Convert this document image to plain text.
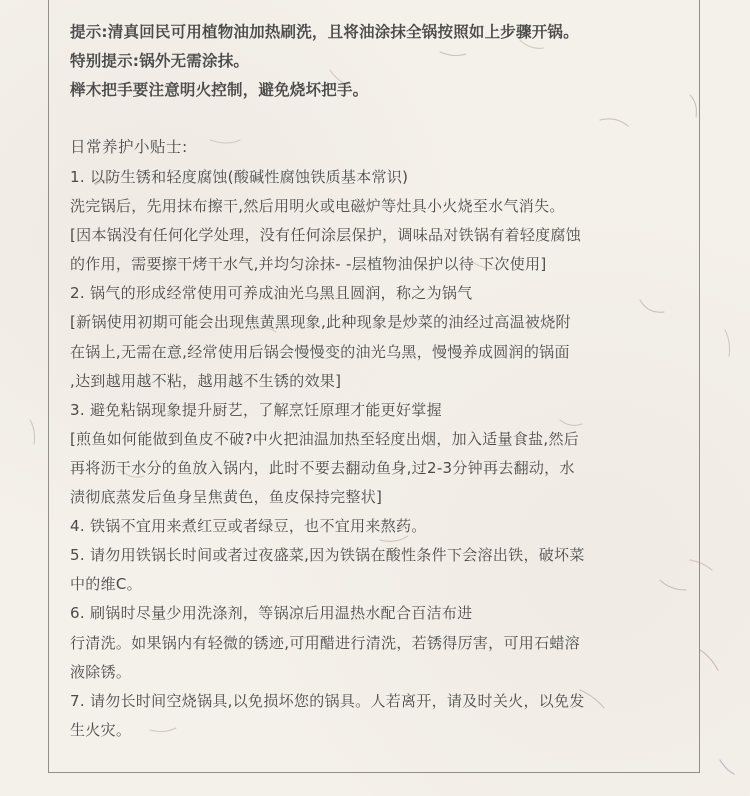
提示:清真回民可用植物油加热刷洗，且将油涂抹全锅按照如上步骤开锅。
特别提示:锅外无需涂抹。
榉木把手要注意明火控制，避免烧坏把手。
日常养护小贴士:
1. 以防生锈和轻度腐蚀(酸碱性腐蚀铁质基本常识)
洗完锅后，先用抹布擦干,然后用明火或电磁炉等灶具小火烧至水气消失。
[因本锅没有任何化学处理，没有任何涂层保护，调味品对铁锅有着轻度腐蚀
的作用，需要擦干烤干水气,并均匀涂抹- -层植物油保护以待 下次使用]
2. 锅气的形成经常使用可养成油光乌黑且圆润，称之为锅气
[新锅使用初期可能会出现焦黄黑现象,此种现象是炒菜的油经过高温被烧附
在锅上,无需在意,经常使用后锅会慢慢变的油光乌黑，慢慢养成圆润的锅面
,达到越用越不粘，越用越不生锈的效果]
3. 避免粘锅现象提升厨艺，了解烹饪原理才能更好掌握
[煎鱼如何能做到鱼皮不破?中火把油温加热至轻度出烟，加入适量食盐,然后
再将沥干水分的鱼放入锅内，此时不要去翻动鱼身,过2-3分钟再去翻动，水
渍彻底蒸发后鱼身呈焦黄色，鱼皮保持完整状]
4. 铁锅不宜用来煮红豆或者绿豆，也不宜用来熬药。
5. 请勿用铁锅长时间或者过夜盛菜,因为铁锅在酸性条件下会溶出铁，破坏菜
中的维C。
6. 刷锅时尽量少用洗涤剂，等锅凉后用温热水配合百洁布进
行清洗。如果锅内有轻微的锈迹,可用醋进行清洗，若锈得厉害，可用石蜡溶
液除锈。
7. 请勿长时间空烧锅具,以免损坏您的锅具。人若离开，请及时关火，以免发
生火灾。
